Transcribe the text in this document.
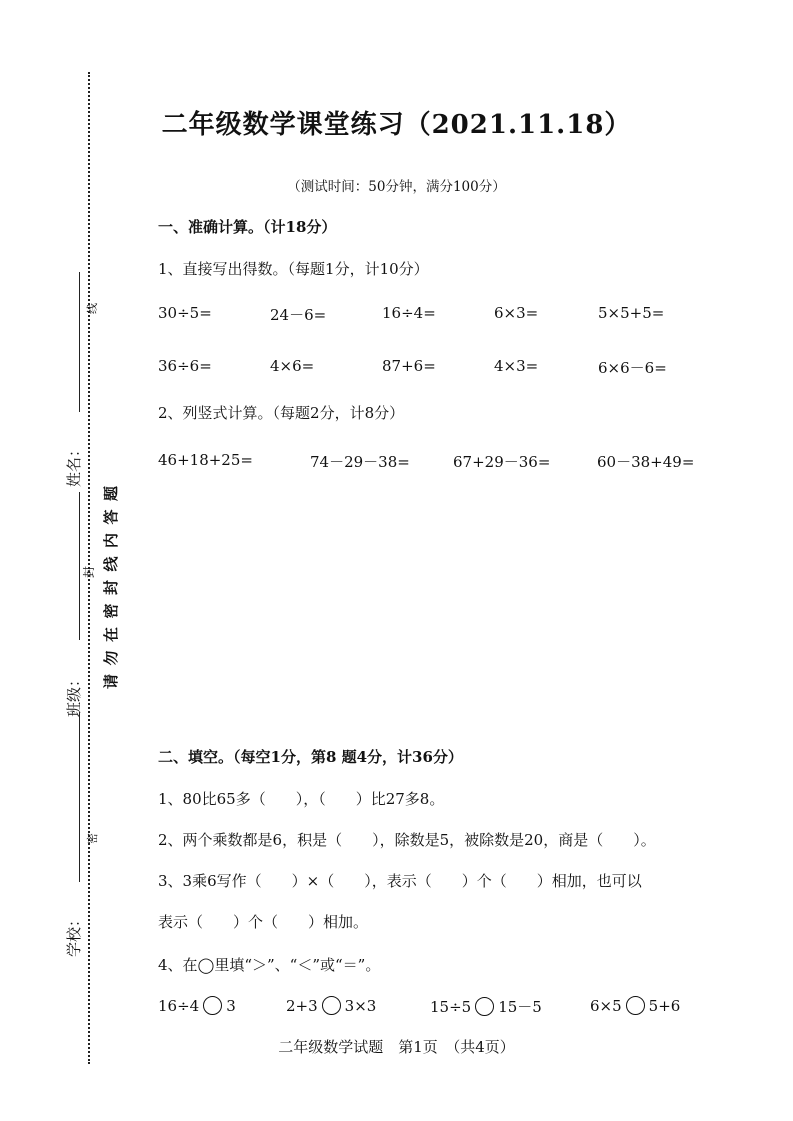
姓名：
班级：
学校：
线
封
密
请勿在密封线内答题
二年级数学课堂练习（2021.11.18）
（测试时间：50分钟，满分100分）
一、准确计算。（计18分）
1、直接写出得数。（每题1分，计10分）
30÷5=	24－6=	16÷4=	6×3=	5×5+5=
36÷6=	4×6=	87+6=	4×3=	6×6－6=
2、列竖式计算。（每题2分，计8分）
46+18+25=	74－29－38=	67+29－36=	60－38+49=
二、填空。（每空1分，第8 题4分，计36分）
1、80比65多（　　），（　　）比27多8。
2、两个乘数都是6，积是（　　），除数是5，被除数是20，商是（　　）。
3、3乘6写作（　　）×（　　），表示（　　）个（　　）相加，也可以
表示（　　）个（　　）相加。
4、在◯里填“＞”、“＜”或“＝”。
16÷4 3	2+3 3×3	15÷5 15－5	6×5 5+6
二年级数学试题　第1页　（共4页）
